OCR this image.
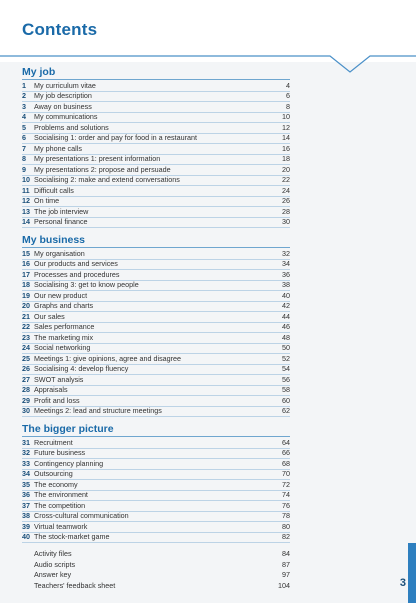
Contents
My job
1	My curriculum vitae	4
2	My job description	6
3	Away on business	8
4	My communications	10
5	Problems and solutions	12
6	Socialising 1: order and pay for food in a restaurant	14
7	My phone calls	16
8	My presentations 1: present information	18
9	My presentations 2: propose and persuade	20
10 Socialising 2: make and extend conversations	22
11 Difficult calls	24
12 On time	26
13 The job interview	28
14 Personal finance	30
My business
15 My organisation	32
16 Our products and services	34
17 Processes and procedures	36
18 Socialising 3: get to know people	38
19 Our new product	40
20 Graphs and charts	42
21 Our sales	44
22 Sales performance	46
23 The marketing mix	48
24 Social networking	50
25 Meetings 1: give opinions, agree and disagree	52
26 Socialising 4: develop fluency	54
27 SWOT analysis	56
28 Appraisals	58
29 Profit and loss	60
30 Meetings 2: lead and structure meetings	62
The bigger picture
31 Recruitment	64
32 Future business	66
33 Contingency planning	68
34 Outsourcing	70
35 The economy	72
36 The environment	74
37 The competition	76
38 Cross-cultural communication	78
39 Virtual teamwork	80
40 The stock-market game	82
Activity files	84
Audio scripts	87
Answer key	97
Teachers' feedback sheet	104	3
